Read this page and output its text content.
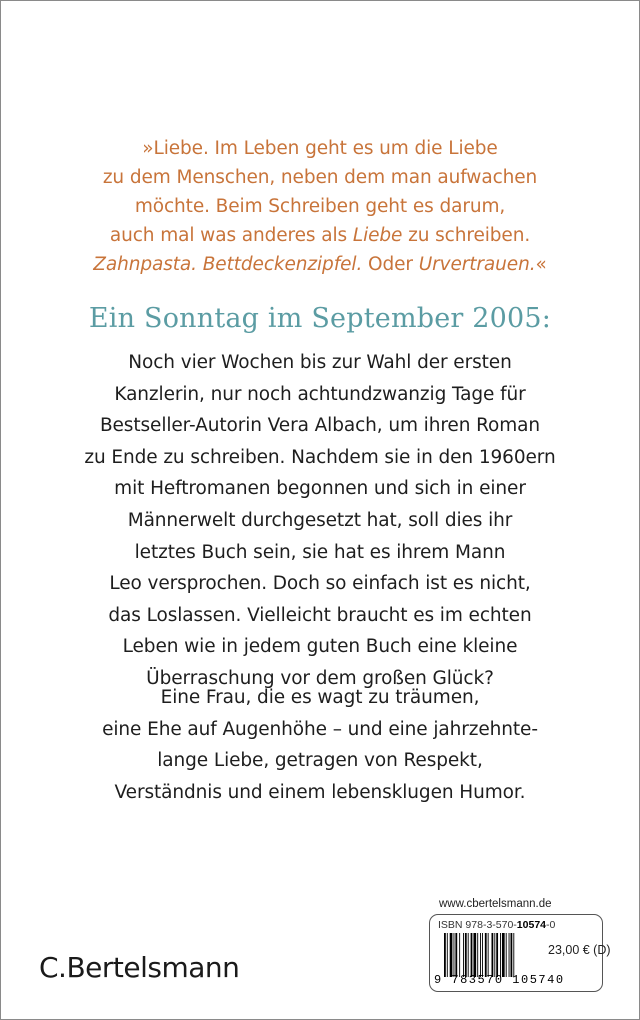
»Liebe. Im Leben geht es um die Liebe
zu dem Menschen, neben dem man aufwachen
möchte. Beim Schreiben geht es darum,
auch mal was anderes als Liebe zu schreiben.
Zahnpasta. Bettdeckenzipfel. Oder Urvertrauen.«
Ein Sonntag im September 2005:
Noch vier Wochen bis zur Wahl der ersten
Kanzlerin, nur noch achtundzwanzig Tage für
Bestseller-Autorin Vera Albach, um ihren Roman
zu Ende zu schreiben. Nachdem sie in den 1960ern
mit Heftromanen begonnen und sich in einer
Männerwelt durchgesetzt hat, soll dies ihr
letztes Buch sein, sie hat es ihrem Mann
Leo versprochen. Doch so einfach ist es nicht,
das Loslassen. Vielleicht braucht es im echten
Leben wie in jedem guten Buch eine kleine
Überraschung vor dem großen Glück?
Eine Frau, die es wagt zu träumen,
eine Ehe auf Augenhöhe – und eine jahrzehnte-
lange Liebe, getragen von Respekt,
Verständnis und einem lebensklugen Humor.
www.cbertelsmann.de
ISBN 978-3-570-10574-0
9 783570 105740
23,00 € (D)
C.Bertelsmann
